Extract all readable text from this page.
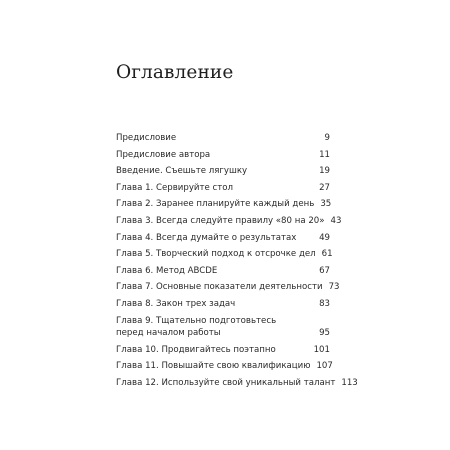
Оглавление
Предисловие	9
Предисловие автора	11
Введение. Съешьте лягушку	19
Глава 1. Сервируйте стол	27
Глава 2. Заранее планируйте каждый день 35
Глава 3. Всегда следуйте правилу «80 на 20» 43
Глава 4. Всегда думайте о результатах	49
Глава 5. Творческий подход к отсрочке дел 61
Глава 6. Метод ABCDE	67
Глава 7. Основные показатели деятельности 73
Глава 8. Закон трех задач	83
Глава 9. Тщательно подготовьтесь
перед началом работы	95
Глава 10. Продвигайтесь поэтапно	101
Глава 11. Повышайте свою квалификацию 107
Глава 12. Используйте свой уникальный талант 113
